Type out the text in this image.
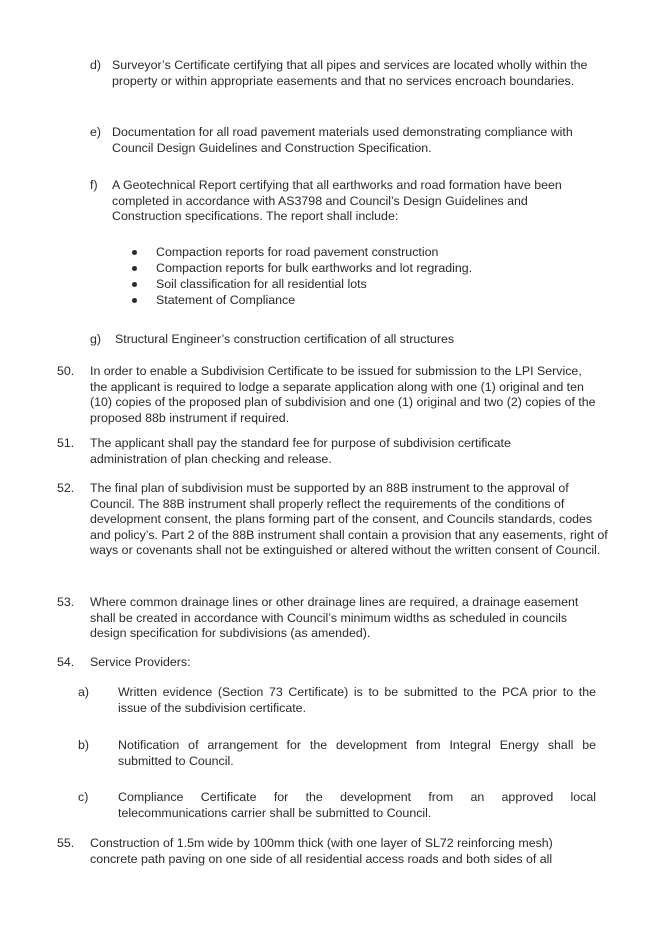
d) Surveyor’s Certificate certifying that all pipes and services are located wholly within the property or within appropriate easements and that no services encroach boundaries.
e) Documentation for all road pavement materials used demonstrating compliance with Council Design Guidelines and Construction Specification.
f) A Geotechnical Report certifying that all earthworks and road formation have been completed in accordance with AS3798 and Council’s Design Guidelines and Construction specifications. The report shall include:
Compaction reports for road pavement construction
Compaction reports for bulk earthworks and lot regrading.
Soil classification for all residential lots
Statement of Compliance
g) Structural Engineer’s construction certification of all structures
50. In order to enable a Subdivision Certificate to be issued for submission to the LPI Service, the applicant is required to lodge a separate application along with one (1) original and ten (10) copies of the proposed plan of subdivision and one (1) original and two (2) copies of the proposed 88b instrument if required.
51. The applicant shall pay the standard fee for purpose of subdivision certificate administration of plan checking and release.
52. The final plan of subdivision must be supported by an 88B instrument to the approval of Council. The 88B instrument shall properly reflect the requirements of the conditions of development consent, the plans forming part of the consent, and Councils standards, codes and policy’s. Part 2 of the 88B instrument shall contain a provision that any easements, right of ways or covenants shall not be extinguished or altered without the written consent of Council.
53. Where common drainage lines or other drainage lines are required, a drainage easement shall be created in accordance with Council’s minimum widths as scheduled in councils design specification for subdivisions (as amended).
54. Service Providers:
a) Written evidence (Section 73 Certificate) is to be submitted to the PCA prior to the issue of the subdivision certificate.
b) Notification of arrangement for the development from Integral Energy shall be submitted to Council.
c) Compliance Certificate for the development from an approved local telecommunications carrier shall be submitted to Council.
55. Construction of 1.5m wide by 100mm thick (with one layer of SL72 reinforcing mesh) concrete path paving on one side of all residential access roads and both sides of all
